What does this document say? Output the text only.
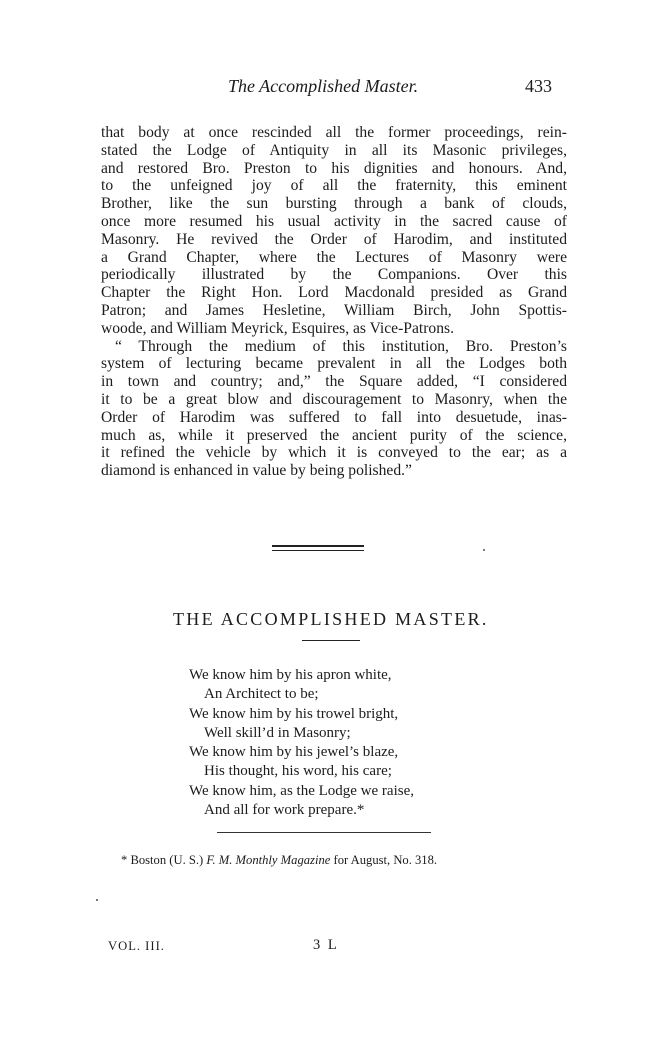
The Accomplished Master.	433
that body at once rescinded all the former proceedings, rein-
stated the Lodge of Antiquity in all its Masonic privileges,
and restored Bro. Preston to his dignities and honours. And,
to the unfeigned joy of all the fraternity, this eminent
Brother, like the sun bursting through a bank of clouds,
once more resumed his usual activity in the sacred cause of
Masonry. He revived the Order of Harodim, and instituted
a Grand Chapter, where the Lectures of Masonry were
periodically illustrated by the Companions. Over this
Chapter the Right Hon. Lord Macdonald presided as Grand
Patron; and James Hesletine, William Birch, John Spottis-
woode, and William Meyrick, Esquires, as Vice-Patrons.
“ Through the medium of this institution, Bro. Preston’s
system of lecturing became prevalent in all the Lodges both
in town and country; and,” the Square added, “I considered
it to be a great blow and discouragement to Masonry, when the
Order of Harodim was suffered to fall into desuetude, inas-
much as, while it preserved the ancient purity of the science,
it refined the vehicle by which it is conveyed to the ear; as a
diamond is enhanced in value by being polished.”
THE ACCOMPLISHED MASTER.
We know him by his apron white,
An Architect to be;
We know him by his trowel bright,
Well skill’d in Masonry;
We know him by his jewel’s blaze,
His thought, his word, his care;
We know him, as the Lodge we raise,
And all for work prepare.*
* Boston (U. S.) F. M. Monthly Magazine for August, No. 318.
VOL. III.	3 L
